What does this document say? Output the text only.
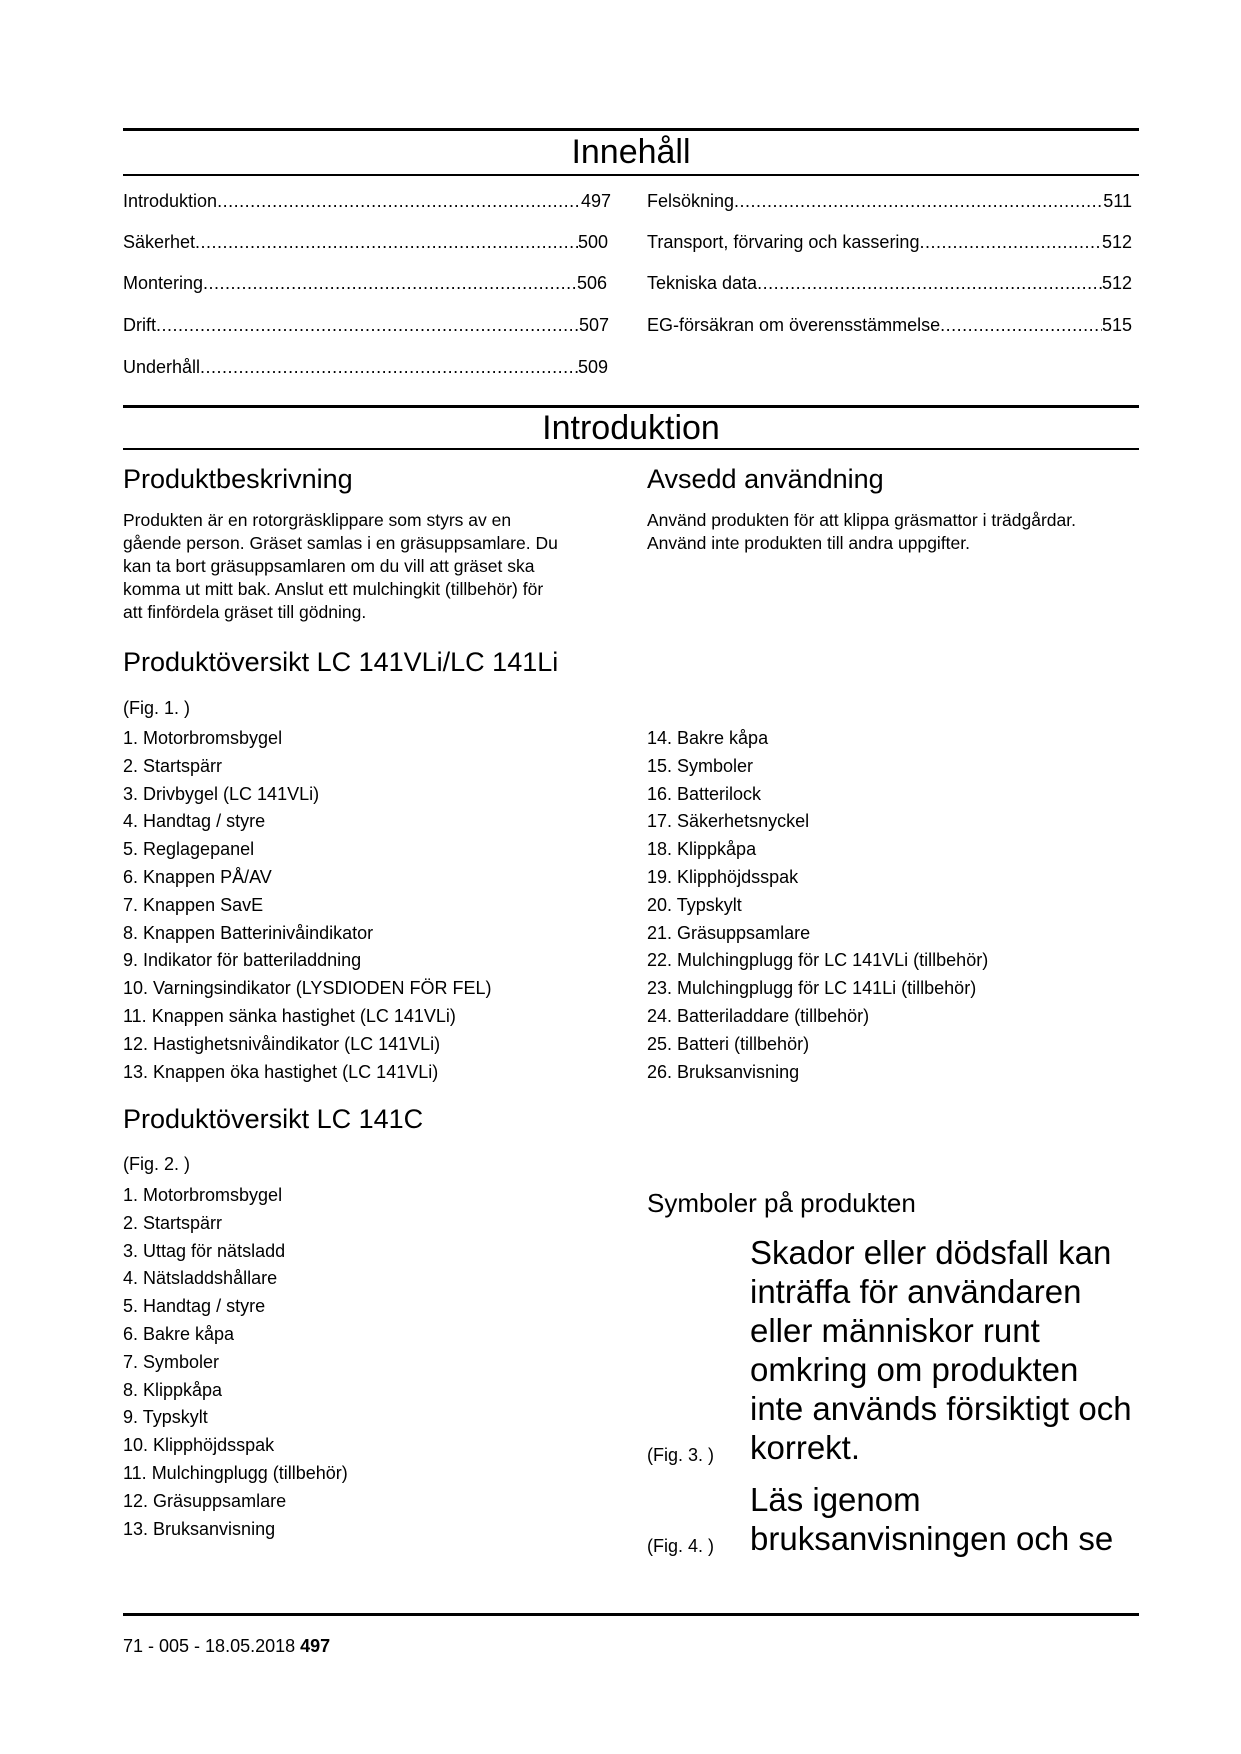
Innehåll
Introduktion .....	497
Säkerhet .....	500
Montering .....	506
Drift .....	507
Underhåll .....	509
Felsökning .....	511
Transport, förvaring och kassering .....	512
Tekniska data .....	512
EG-försäkran om överensstämmelse .....	515
Introduktion
Produktbeskrivning
Produkten är en rotorgräsklippare som styrs av en
gående person. Gräset samlas i en gräsuppsamlare. Du
kan ta bort gräsuppsamlaren om du vill att gräset ska
komma ut mitt bak. Anslut ett mulchingkit (tillbehör) för
att finfördela gräset till gödning.
Avsedd användning
Använd produkten för att klippa gräsmattor i trädgårdar.
Använd inte produkten till andra uppgifter.
Produktöversikt LC 141VLi/LC 141Li
(Fig. 1. )
1. Motorbromsbygel
2. Startspärr
3. Drivbygel (LC 141VLi)
4. Handtag / styre
5. Reglagepanel
6. Knappen PÅ/AV
7. Knappen SavE
8. Knappen Batterinivåindikator
9. Indikator för batteriladdning
10. Varningsindikator (LYSDIODEN FÖR FEL)
11. Knappen sänka hastighet (LC 141VLi)
12. Hastighetsnivåindikator (LC 141VLi)
13. Knappen öka hastighet (LC 141VLi)
14. Bakre kåpa
15. Symboler
16. Batterilock
17. Säkerhetsnyckel
18. Klippkåpa
19. Klipphöjdsspak
20. Typskylt
21. Gräsuppsamlare
22. Mulchingplugg för LC 141VLi (tillbehör)
23. Mulchingplugg för LC 141Li (tillbehör)
24. Batteriladdare (tillbehör)
25. Batteri (tillbehör)
26. Bruksanvisning
Produktöversikt LC 141C
(Fig. 2. )
1. Motorbromsbygel
2. Startspärr
3. Uttag för nätsladd
4. Nätsladdshållare
5. Handtag / styre
6. Bakre kåpa
7. Symboler
8. Klippkåpa
9. Typskylt
10. Klipphöjdsspak
11. Mulchingplugg (tillbehör)
12. Gräsuppsamlare
13. Bruksanvisning
Symboler på produkten
Skador eller dödsfall kan
inträffa för användaren
eller människor runt
omkring om produkten
inte används försiktigt och
korrekt.
(Fig. 3. )
Läs igenom
bruksanvisningen och se
(Fig. 4. )
71 - 005 - 18.05.2018 497
